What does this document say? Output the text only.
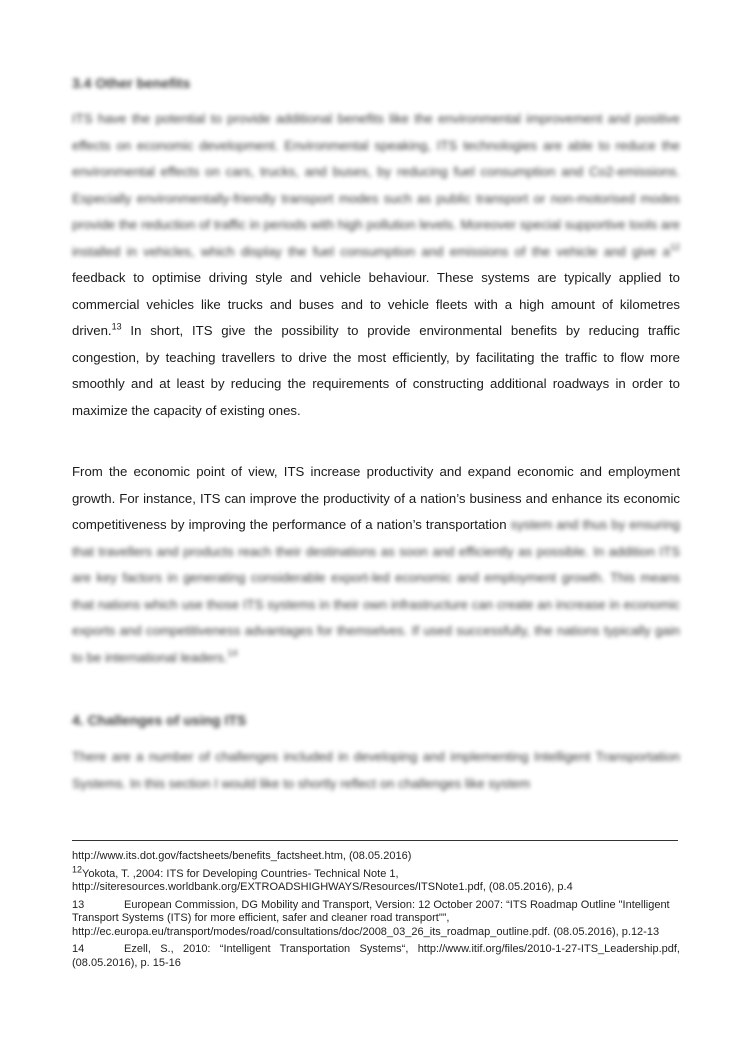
3.4 Other benefits

ITS have the potential to provide additional benefits like the environmental improvement and positive effects on economic development. Environmental speaking, ITS technologies are able to reduce the environmental effects on cars, trucks, and buses, by reducing fuel consumption and Co2-emissions. Especially environmentally-friendly transport modes such as public transport or non-motorised modes provide the reduction of traffic in periods with high pollution levels. Moreover special supportive tools are installed in vehicles, which display the fuel consumption and emissions of the vehicle and give $a^{12}$ feedback to optimise driving style and vehicle behaviour. These systems are typically applied to commercial vehicles like trucks and buses and to vehicle fleets with a high amount of kilometres driven.$^{13}$ In short, ITS give the possibility to provide environmental benefits by reducing traffic congestion, by teaching travellers to drive the most efficiently, by facilitating the traffic to flow more smoothly and at least by reducing the requirements of constructing additional roadways in order to maximize the capacity of existing ones.

From the economic point of view, ITS increase productivity and expand economic and employment growth. For instance, ITS can improve the productivity of a nation’s business and enhance its economic competitiveness by improving the performance of a nation’s transportation system and thus by ensuring that travellers and products reach their destinations as soon and efficiently as possible. In addition ITS are key factors in generating considerable export-led economic and employment growth. This means that nations which use those ITS systems in their own infrastructure can create an increase in economic exports and competitiveness advantages for themselves. If used successfully, the nations typically gain to be international leaders.$^{14}$

4. Challenges of using ITS

There are a number of challenges included in developing and implementing Intelligent Transportation Systems. In this section I would like to shortly reflect on challenges like system

http://www.its.dot.gov/factsheets/benefits_factsheet.htm, (08.05.2016)

$^{12}$Yokota, T. ,2004: ITS for Developing Countries- Technical Note 1, http://siteresources.worldbank.org/EXTROADSHIGHWAYS/Resources/ITSNote1.pdf, (08.05.2016), p.4

13	European Commission, DG Mobility and Transport, Version: 12 October 2007: “ITS Roadmap Outline "Intelligent Transport Systems (ITS) for more efficient, safer and cleaner road transport"”, http://ec.europa.eu/transport/modes/road/consultations/doc/2008_03_26_its_roadmap_outline.pdf. (08.05.2016), p.12-13

14	Ezell, S., 2010: “Intelligent Transportation Systems“, http://www.itif.org/files/2010-1-27-ITS_Leadership.pdf, (08.05.2016), p. 15-16
